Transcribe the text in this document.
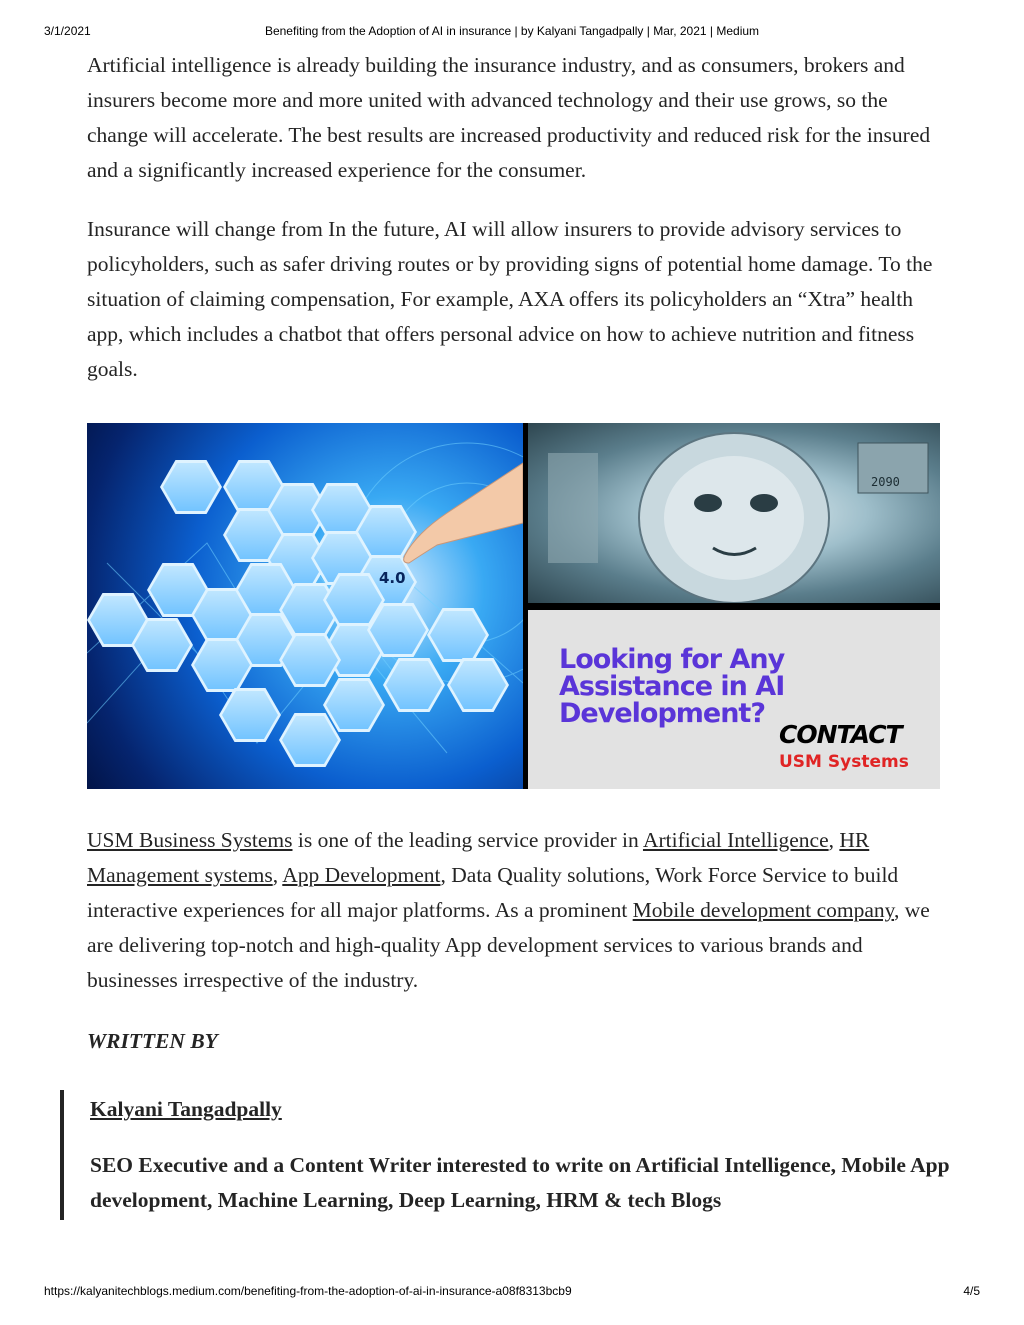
3/1/2021	Benefiting from the Adoption of AI in insurance | by Kalyani Tangadpally | Mar, 2021 | Medium

Artificial intelligence is already building the insurance industry, and as consumers, brokers and insurers become more and more united with advanced technology and their use grows, so the change will accelerate. The best results are increased productivity and reduced risk for the insured and a significantly increased experience for the consumer.

Insurance will change from In the future, AI will allow insurers to provide advisory services to policyholders, such as safer driving routes or by providing signs of potential home damage. To the situation of claiming compensation, For example, AXA offers its policyholders an “Xtra” health app, which includes a chatbot that offers personal advice on how to achieve nutrition and fitness goals.

4.0
2090
Looking for Any
Assistance in AI
Development?
CONTACT
USM Systems

USM Business Systems is one of the leading service provider in Artificial Intelligence, HR Management systems, App Development, Data Quality solutions, Work Force Service to build interactive experiences for all major platforms. As a prominent Mobile development company, we are delivering top-notch and high-quality App development services to various brands and businesses irrespective of the industry.

WRITTEN BY

Kalyani Tangadpally

SEO Executive and a Content Writer interested to write on Artificial Intelligence, Mobile App development, Machine Learning, Deep Learning, HRM & tech Blogs

https://kalyanitechblogs.medium.com/benefiting-from-the-adoption-of-ai-in-insurance-a08f8313bcb9	4/5
